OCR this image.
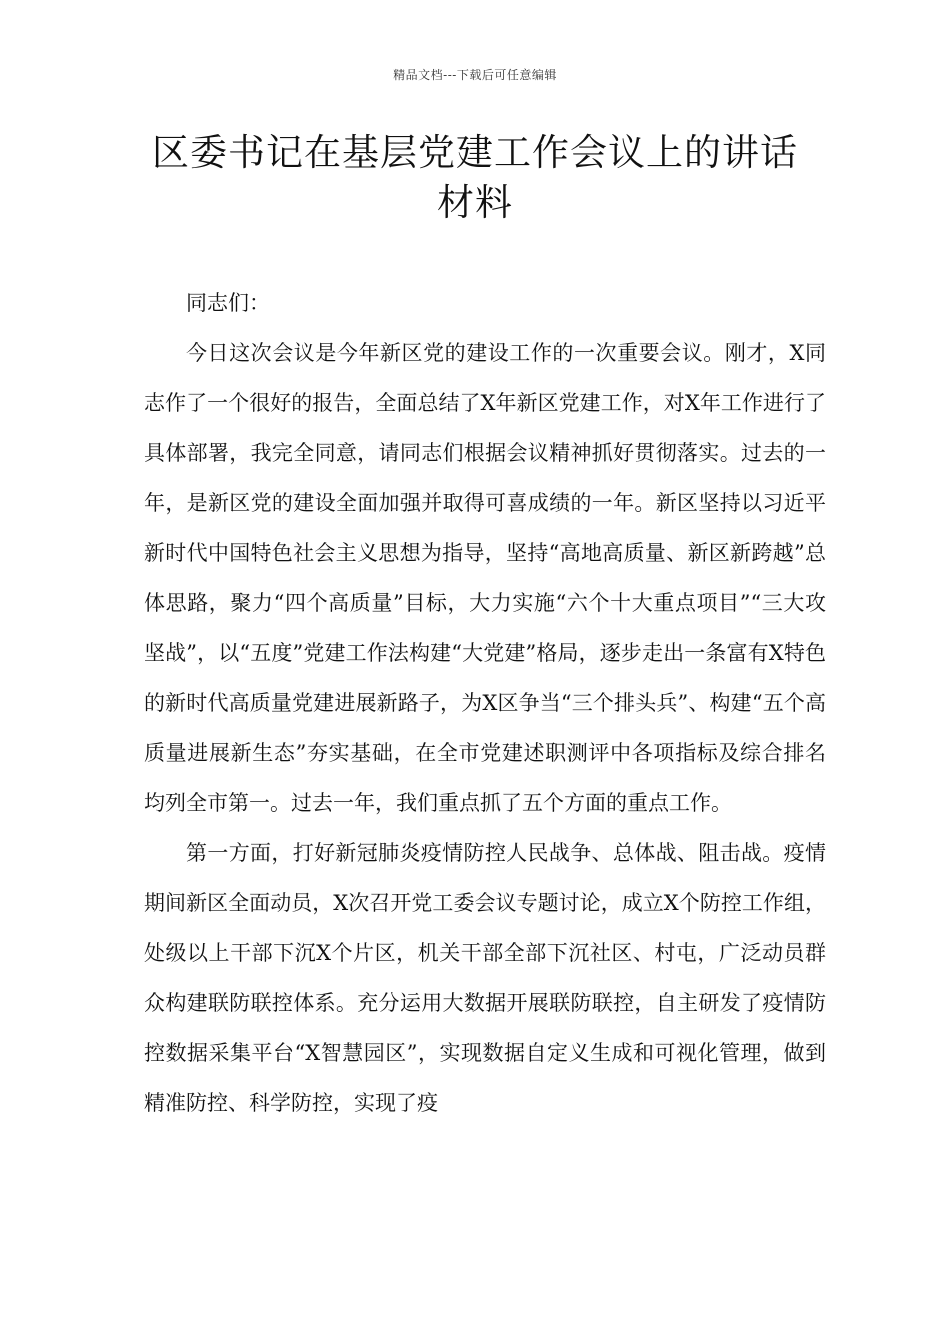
精品文档---下载后可任意编辑
区委书记在基层党建工作会议上的讲话
材料

同志们：

今日这次会议是今年新区党的建设工作的一次重要会议。刚才，X同志作了一个很好的报告，全面总结了X年新区党建工作，对X年工作进行了具体部署，我完全同意，请同志们根据会议精神抓好贯彻落实。过去的一年，是新区党的建设全面加强并取得可喜成绩的一年。新区坚持以习近平新时代中国特色社会主义思想为指导，坚持“高地高质量、新区新跨越”总体思路，聚力“四个高质量”目标，大力实施“六个十大重点项目”“三大攻坚战”，以“五度”党建工作法构建“大党建”格局，逐步走出一条富有X特色的新时代高质量党建进展新路子，为X区争当“三个排头兵”、构建“五个高质量进展新生态”夯实基础，在全市党建述职测评中各项指标及综合排名均列全市第一。过去一年，我们重点抓了五个方面的重点工作。

第一方面，打好新冠肺炎疫情防控人民战争、总体战、阻击战。疫情期间新区全面动员，X次召开党工委会议专题讨论，成立X个防控工作组，处级以上干部下沉X个片区，机关干部全部下沉社区、村屯，广泛动员群众构建联防联控体系。充分运用大数据开展联防联控，自主研发了疫情防控数据采集平台“X智慧园区”，实现数据自定义生成和可视化管理，做到精准防控、科学防控，实现了疫
